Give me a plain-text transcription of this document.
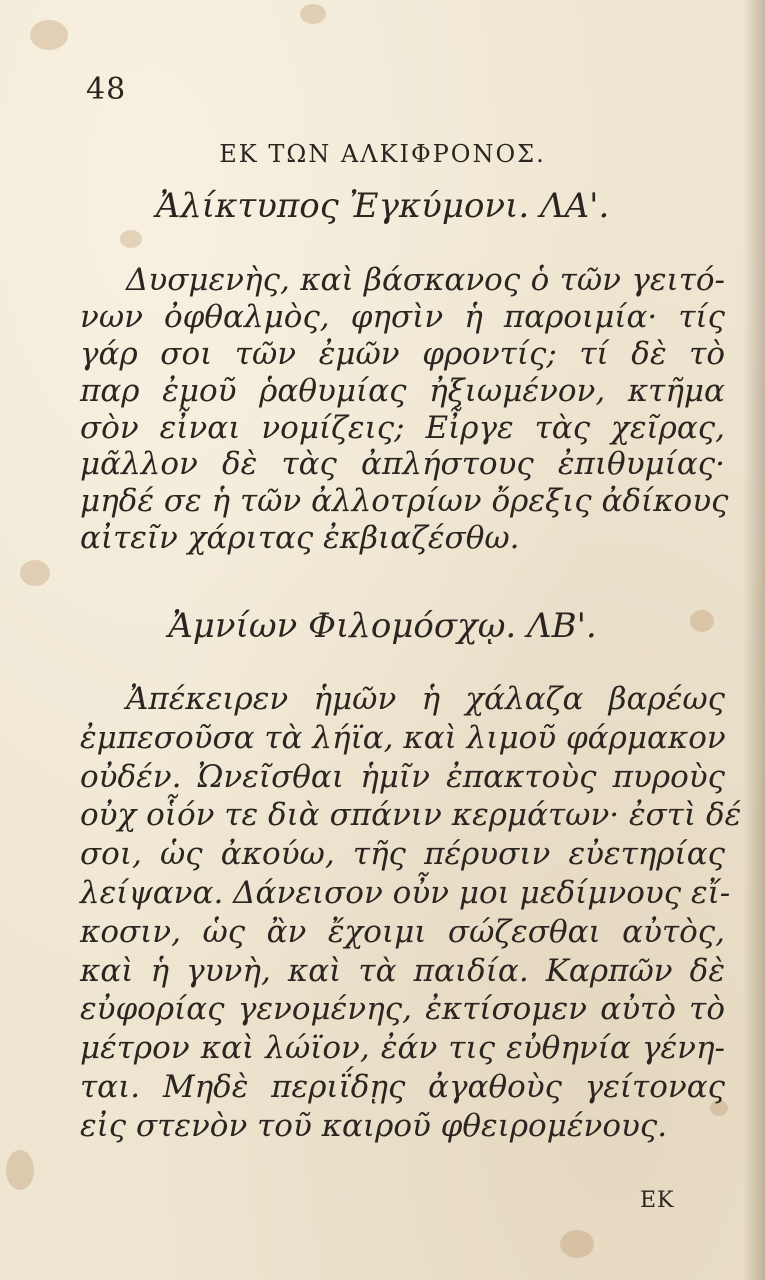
48
ΕΚ ΤΩΝ ΑΛΚΙΦΡΟΝΟΣ.
Ἀλίκτυπος Ἐγκύμονι. ΛΑ'.
Δυσμενὴς, καὶ βάσκανος ὁ τῶν γειτό-
νων ὀφθαλμὸς, φησὶν ἡ παροιμία· τίς
γάρ σοι τῶν ἐμῶν φροντίς; τί δὲ τὸ
παρ ἐμοῦ ῥαθυμίας ἠξιωμένον, κτῆμα
σὸν εἶναι νομίζεις; Εἶργε τὰς χεῖρας,
μᾶλλον δὲ τὰς ἀπλήστους ἐπιθυμίας·
μηδέ σε ἡ τῶν ἀλλοτρίων ὄρεξις ἀδίκους
αἰτεῖν χάριτας ἐκβιαζέσθω.
Ἀμνίων Φιλομόσχῳ. ΛΒ'.
Ἀπέκειρεν ἡμῶν ἡ χάλαζα βαρέως
ἐμπεσοῦσα τὰ λήϊα, καὶ λιμοῦ φάρμακον
οὐδέν. Ὠνεῖσθαι ἡμῖν ἐπακτοὺς πυροὺς
οὐχ οἷόν τε διὰ σπάνιν κερμάτων· ἐστὶ δέ
σοι, ὡς ἀκούω, τῆς πέρυσιν εὐετηρίας
λείψανα. Δάνεισον οὖν μοι μεδίμνους εἴ-
κοσιν, ὡς ἂν ἔχοιμι σώζεσθαι αὐτὸς,
καὶ ἡ γυνὴ, καὶ τὰ παιδία. Καρπῶν δὲ
εὐφορίας γενομένης, ἐκτίσομεν αὐτὸ τὸ
μέτρον καὶ λώϊον, ἐάν τις εὐθηνία γένη-
ται. Μηδὲ περιΐδῃς ἀγαθοὺς γείτονας
εἰς στενὸν τοῦ καιροῦ φθειρομένους.
ΕΚ
